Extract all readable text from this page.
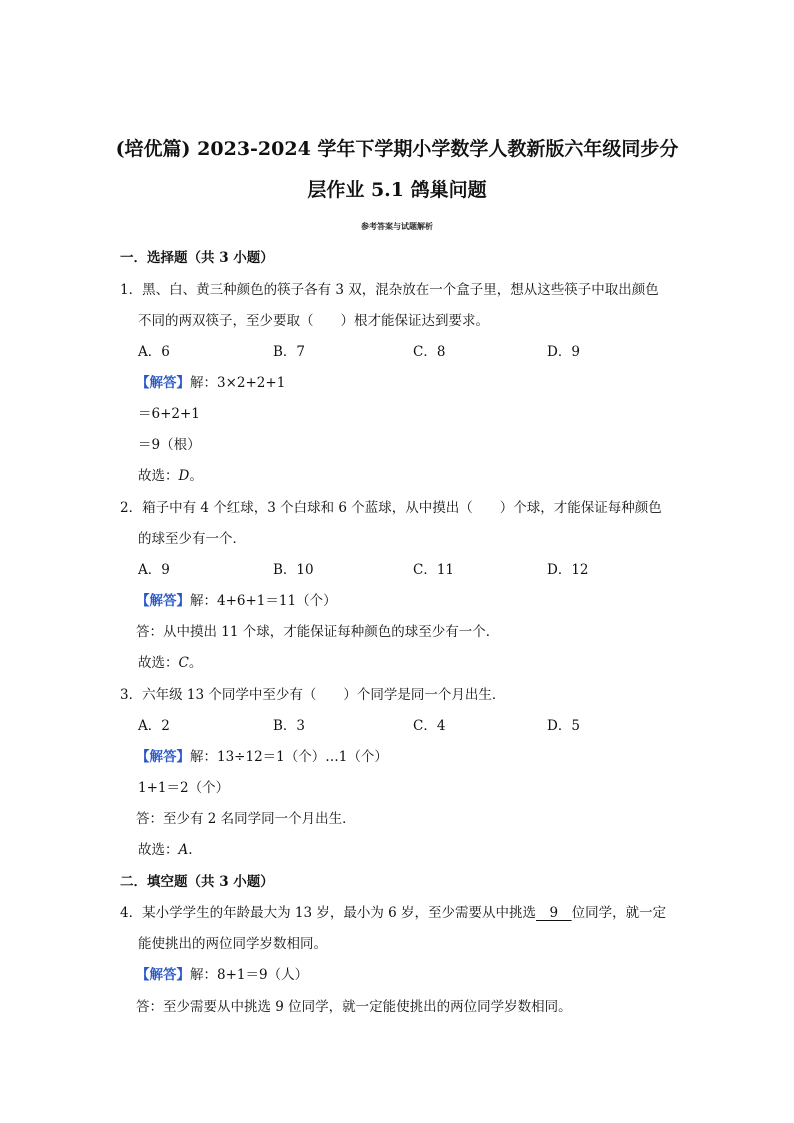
(培优篇) 2023-2024 学年下学期小学数学人教新版六年级同步分
层作业 5.1 鸽巢问题
参考答案与试题解析
一．选择题（共 3 小题）
1．黑、白、黄三种颜色的筷子各有 3 双，混杂放在一个盒子里，想从这些筷子中取出颜色
不同的两双筷子，至少要取（　　）根才能保证达到要求。
A．6	B．7	C．8	D．9
【解答】解：3×2+2+1
＝6+2+1
＝9（根）
故选：D。
2．箱子中有 4 个红球，3 个白球和 6 个蓝球，从中摸出（　　）个球，才能保证每种颜色
的球至少有一个．
A．9	B．10	C．11	D．12
【解答】解：4+6+1＝11（个）
答：从中摸出 11 个球，才能保证每种颜色的球至少有一个．
故选：C。
3．六年级 13 个同学中至少有（　　）个同学是同一个月出生．
A．2	B．3	C．4	D．5
【解答】解：13÷12＝1（个）…1（个）
1+1＝2（个）
答：至少有 2 名同学同一个月出生．
故选：A.
二．填空题（共 3 小题）
4．某小学学生的年龄最大为 13 岁，最小为 6 岁，至少需要从中挑选　9　位同学，就一定
能使挑出的两位同学岁数相同。
【解答】解：8+1＝9（人）
答：至少需要从中挑选 9 位同学，就一定能使挑出的两位同学岁数相同。
